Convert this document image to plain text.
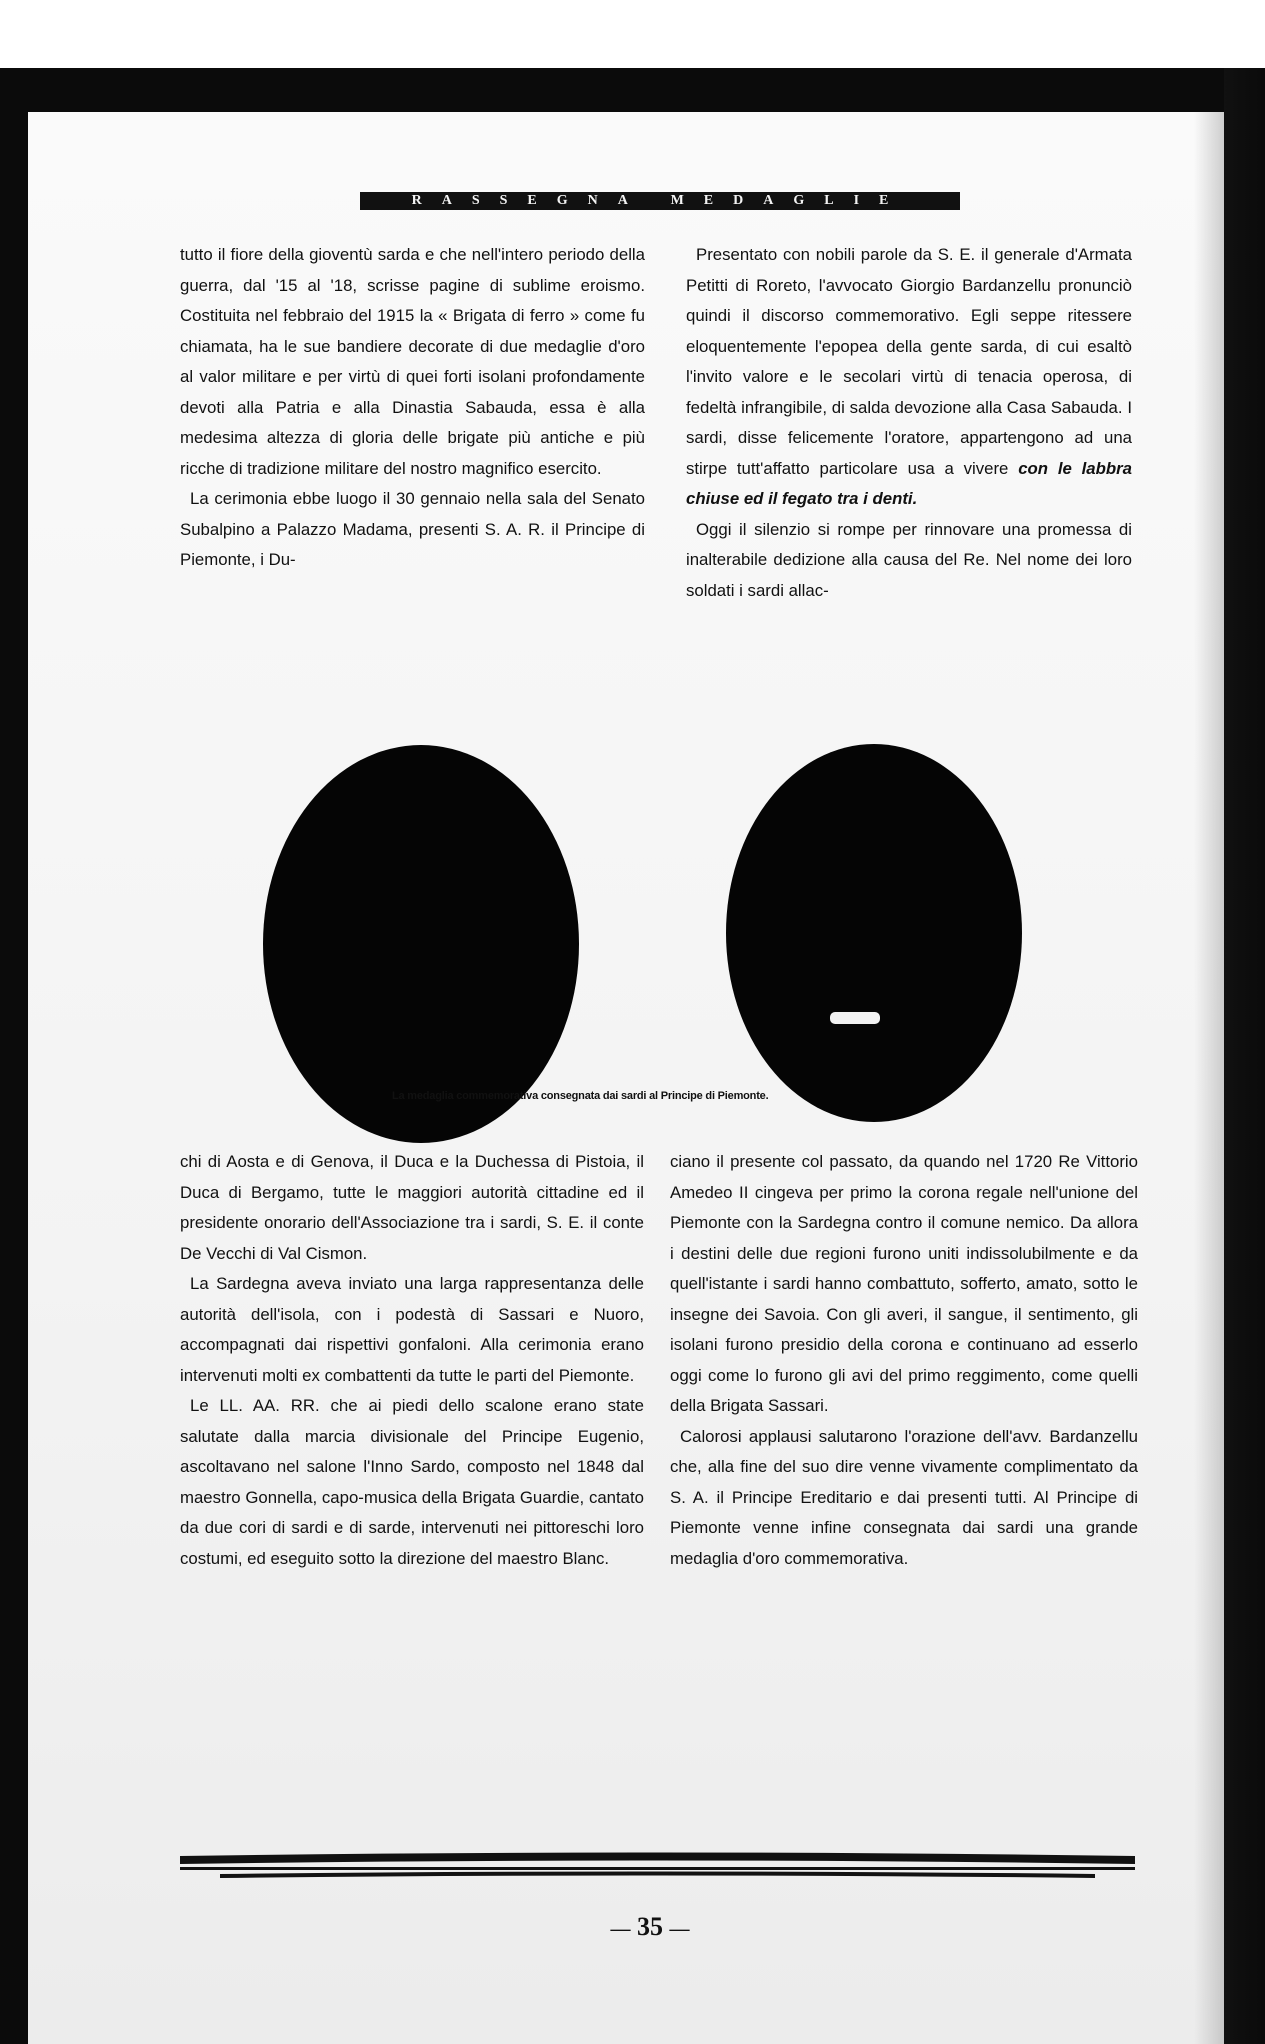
RASSEGNA MEDAGLIE

tutto il fiore della gioventù sarda e che nell'intero periodo della guerra, dal '15 al '18, scrisse pagine di sublime eroismo. Costituita nel febbraio del 1915 la « Brigata di ferro » come fu chiamata, ha le sue bandiere decorate di due medaglie d'oro al valor militare e per virtù di quei forti isolani profondamente devoti alla Patria e alla Dinastia Sabauda, essa è alla medesima altezza di gloria delle brigate più antiche e più ricche di tradizione militare del nostro magnifico esercito.

La cerimonia ebbe luogo il 30 gennaio nella sala del Senato Subalpino a Palazzo Madama, presenti S. A. R. il Principe di Piemonte, i Du-

Presentato con nobili parole da S. E. il generale d'Armata Petitti di Roreto, l'avvocato Giorgio Bardanzellu pronunciò quindi il discorso commemorativo. Egli seppe ritessere eloquentemente l'epopea della gente sarda, di cui esaltò l'invito valore e le secolari virtù di tenacia operosa, di fedeltà infrangibile, di salda devozione alla Casa Sabauda. I sardi, disse felicemente l'oratore, appartengono ad una stirpe tutt'affatto particolare usa a vivere con le labbra chiuse ed il fegato tra i denti.

Oggi il silenzio si rompe per rinnovare una promessa di inalterabile dedizione alla causa del Re. Nel nome dei loro soldati i sardi allac-

La medaglia commemorativa consegnata dai sardi al Principe di Piemonte.

chi di Aosta e di Genova, il Duca e la Duchessa di Pistoia, il Duca di Bergamo, tutte le maggiori autorità cittadine ed il presidente onorario dell'Associazione tra i sardi, S. E. il conte De Vecchi di Val Cismon.

La Sardegna aveva inviato una larga rappresentanza delle autorità dell'isola, con i podestà di Sassari e Nuoro, accompagnati dai rispettivi gonfaloni. Alla cerimonia erano intervenuti molti ex combattenti da tutte le parti del Piemonte.

Le LL. AA. RR. che ai piedi dello scalone erano state salutate dalla marcia divisionale del Principe Eugenio, ascoltavano nel salone l'Inno Sardo, composto nel 1848 dal maestro Gonnella, capo-musica della Brigata Guardie, cantato da due cori di sardi e di sarde, intervenuti nei pittoreschi loro costumi, ed eseguito sotto la direzione del maestro Blanc.

ciano il presente col passato, da quando nel 1720 Re Vittorio Amedeo II cingeva per primo la corona regale nell'unione del Piemonte con la Sardegna contro il comune nemico. Da allora i destini delle due regioni furono uniti indissolubilmente e da quell'istante i sardi hanno combattuto, sofferto, amato, sotto le insegne dei Savoia. Con gli averi, il sangue, il sentimento, gli isolani furono presidio della corona e continuano ad esserlo oggi come lo furono gli avi del primo reggimento, come quelli della Brigata Sassari.

Calorosi applausi salutarono l'orazione dell'avv. Bardanzellu che, alla fine del suo dire venne vivamente complimentato da S. A. il Principe Ereditario e dai presenti tutti. Al Principe di Piemonte venne infine consegnata dai sardi una grande medaglia d'oro commemorativa.

— 35 —
